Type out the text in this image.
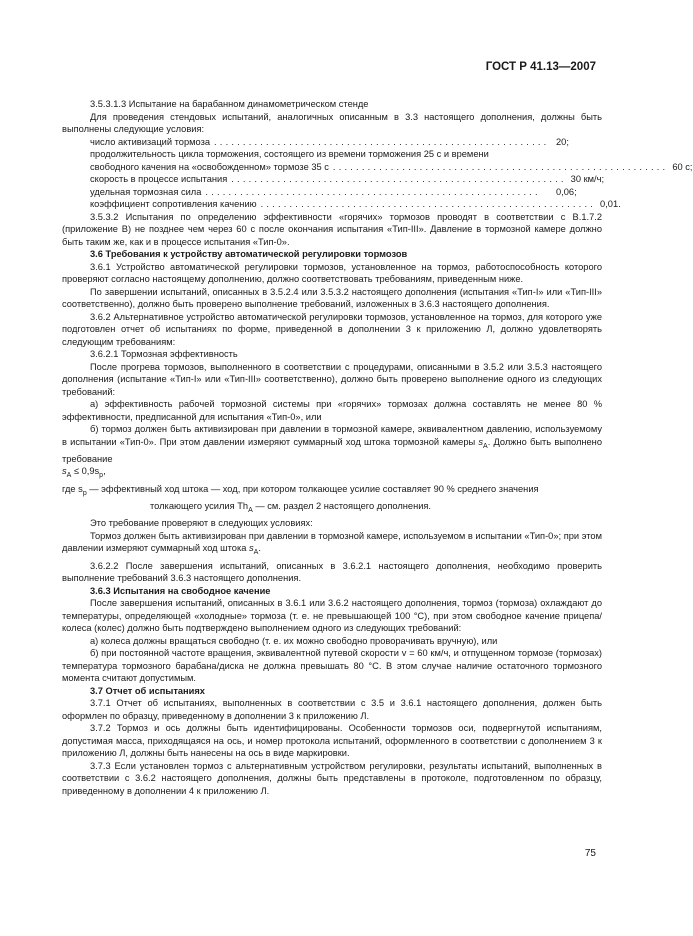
ГОСТ Р 41.13—2007

3.5.3.1.3 Испытание на барабанном динамометрическом стенде

Для проведения стендовых испытаний, аналогичных описанным в 3.3 настоящего дополнения, должны быть выполнены следующие условия:

число активизаций тормоза .......................................................... 20;

продолжительность цикла торможения, состоящего из времени торможения 25 с и времени

свободного качения на «освобожденном» тормозе 35 с .......................................................... 60 с;
скорость в процессе испытания .......................................................... 30 км/ч;
удельная тормозная сила ..........................................................	0,06;
коэффициент сопротивления качению .......................................................... 0,01.

3.5.3.2 Испытания по определению эффективности «горячих» тормозов проводят в соответствии с В.1.7.2 (приложение В) не позднее чем через 60 с после окончания испытания «Тип-III». Давление в тормозной камере должно быть таким же, как и в процессе испытания «Тип-0».

3.6 Требования к устройству автоматической регулировки тормозов

3.6.1 Устройство автоматической регулировки тормозов, установленное на тормоз, работоспособность которого проверяют согласно настоящему дополнению, должно соответствовать требованиям, приведенным ниже.

По завершении испытаний, описанных в 3.5.2.4 или 3.5.3.2 настоящего дополнения (испытания «Тип-I» или «Тип-III» соответственно), должно быть проверено выполнение требований, изложенных в 3.6.3 настоящего дополнения.

3.6.2 Альтернативное устройство автоматической регулировки тормозов, установленное на тормоз, для которого уже подготовлен отчет об испытаниях по форме, приведенной в дополнении 3 к приложению Л, должно удовлетворять следующим требованиям:

3.6.2.1 Тормозная эффективность

После прогрева тормозов, выполненного в соответствии с процедурами, описанными в 3.5.2 или 3.5.3 настоящего дополнения (испытание «Тип-I» или «Тип-III» соответственно), должно быть проверено выполнение одного из следующих требований:

а) эффективность рабочей тормозной системы при «горячих» тормозах должна составлять не менее 80 % эффективности, предписанной для испытания «Тип-0», или

б) тормоз должен быть активизирован при давлении в тормозной камере, эквивалентном давлению, используемому в испытании «Тип-0». При этом давлении измеряют суммарный ход штока тормозной камеры $s_A$. Должно быть выполнено требование

$s_A \le 0,9s_p$,

где $s_p$ — эффективный ход штока — ход, при котором толкающее усилие составляет 90 % среднего значения

толкающего усилия $Th_A$ — см. раздел 2 настоящего дополнения.

Это требование проверяют в следующих условиях:

Тормоз должен быть активизирован при давлении в тормозной камере, используемом в испытании «Тип-0»; при этом давлении измеряют суммарный ход штока $s_A$.

3.6.2.2 После завершения испытаний, описанных в 3.6.2.1 настоящего дополнения, необходимо проверить выполнение требований 3.6.3 настоящего дополнения.

3.6.3 Испытания на свободное качение

После завершения испытаний, описанных в 3.6.1 или 3.6.2 настоящего дополнения, тормоз (тормоза) охлаждают до температуры, определяющей «холодные» тормоза (т. е. не превышающей 100 °С), при этом свободное качение прицепа/колеса (колес) должно быть подтверждено выполнением одного из следующих требований:

а) колеса должны вращаться свободно (т. е. их можно свободно проворачивать вручную), или

б) при постоянной частоте вращения, эквивалентной путевой скорости v = 60 км/ч, и отпущенном тормозе (тормозах) температура тормозного барабана/диска не должна превышать 80 °С. В этом случае наличие остаточного тормозного момента считают допустимым.

3.7 Отчет об испытаниях

3.7.1 Отчет об испытаниях, выполненных в соответствии с 3.5 и 3.6.1 настоящего дополнения, должен быть оформлен по образцу, приведенному в дополнении 3 к приложению Л.

3.7.2 Тормоз и ось должны быть идентифицированы. Особенности тормозов оси, подвергнутой испытаниям, допустимая масса, приходящаяся на ось, и номер протокола испытаний, оформленного в соответствии с дополнением 3 к приложению Л, должны быть нанесены на ось в виде маркировки.

3.7.3 Если установлен тормоз с альтернативным устройством регулировки, результаты испытаний, выполненных в соответствии с 3.6.2 настоящего дополнения, должны быть представлены в протоколе, подготовленном по образцу, приведенному в дополнении 4 к приложению Л.

75
